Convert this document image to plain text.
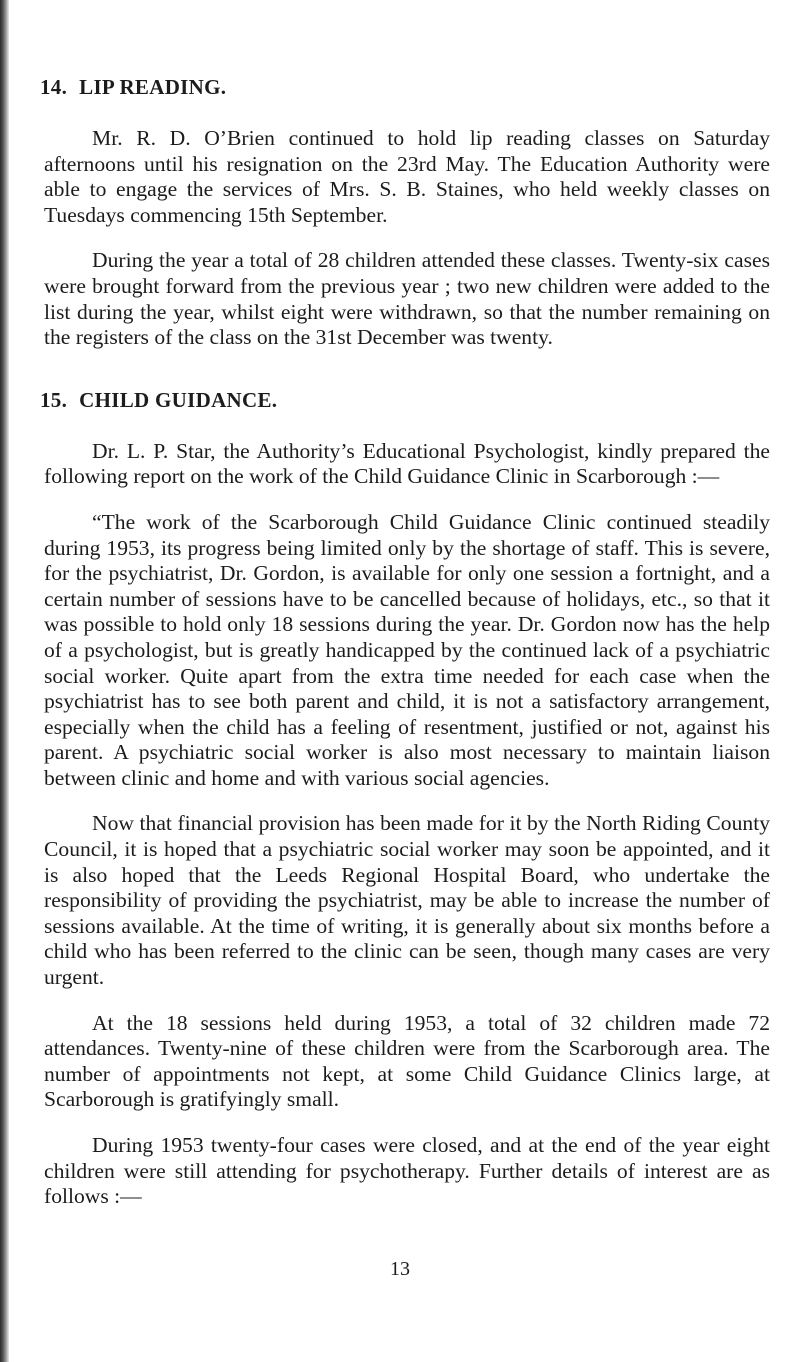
14. LIP READING.

Mr. R. D. O’Brien continued to hold lip reading classes on Saturday afternoons until his resignation on the 23rd May. The Education Authority were able to engage the services of Mrs. S. B. Staines, who held weekly classes on Tuesdays commencing 15th September.

During the year a total of 28 children attended these classes. Twenty-six cases were brought forward from the previous year ; two new children were added to the list during the year, whilst eight were withdrawn, so that the number remaining on the registers of the class on the 31st December was twenty.

15. CHILD GUIDANCE.

Dr. L. P. Star, the Authority’s Educational Psychologist, kindly prepared the following report on the work of the Child Guidance Clinic in Scarborough :—

“The work of the Scarborough Child Guidance Clinic continued steadily during 1953, its progress being limited only by the shortage of staff. This is severe, for the psychiatrist, Dr. Gordon, is available for only one session a fortnight, and a certain number of sessions have to be cancelled because of holidays, etc., so that it was possible to hold only 18 sessions during the year. Dr. Gordon now has the help of a psychologist, but is greatly handicapped by the continued lack of a psychiatric social worker. Quite apart from the extra time needed for each case when the psychiatrist has to see both parent and child, it is not a satisfactory arrangement, especially when the child has a feeling of resentment, justified or not, against his parent. A psychiatric social worker is also most necessary to maintain liaison between clinic and home and with various social agencies.

Now that financial provision has been made for it by the North Riding County Council, it is hoped that a psychiatric social worker may soon be appointed, and it is also hoped that the Leeds Regional Hospital Board, who undertake the responsibility of providing the psychiatrist, may be able to increase the number of sessions available. At the time of writing, it is generally about six months before a child who has been referred to the clinic can be seen, though many cases are very urgent.

At the 18 sessions held during 1953, a total of 32 children made 72 attendances. Twenty-nine of these children were from the Scarborough area. The number of appointments not kept, at some Child Guidance Clinics large, at Scarborough is gratifyingly small.

During 1953 twenty-four cases were closed, and at the end of the year eight children were still attending for psychotherapy. Further details of interest are as follows :—

13
